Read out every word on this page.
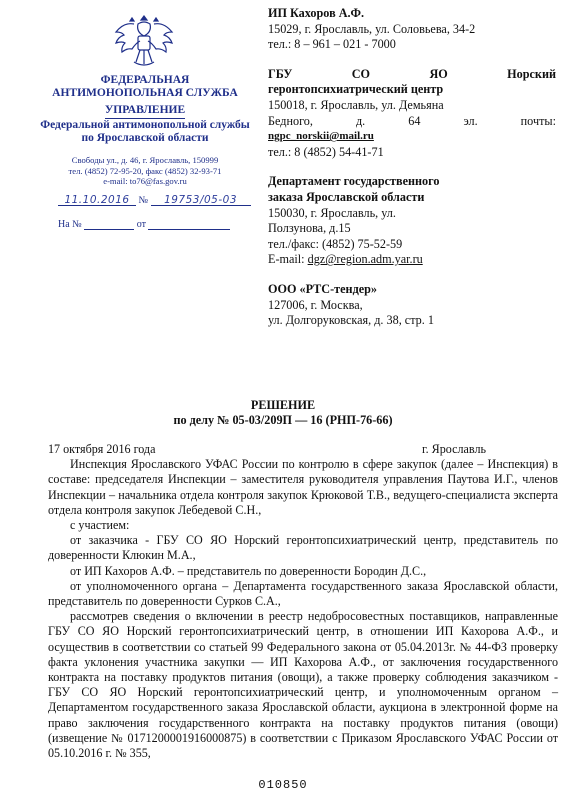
ФЕДЕРАЛЬНАЯ
АНТИМОНОПОЛЬНАЯ СЛУЖБА
УПРАВЛЕНИЕ
Федеральной антимонопольной службы
по Ярославской области
Свободы ул., д. 46, г. Ярославль, 150999
тел. (4852) 72-95-20, факс (4852) 32-93-71
e-mail: to76@fas.gov.ru
11.10.2016 № 19753/05-03
На №	от
ИП Кахоров А.Ф.
15029, г. Ярославль, ул. Соловьева, 34-2
тел.: 8 – 961 – 021 - 7000
ГБУ СО ЯО Норский
геронтопсихиатрический центр
150018, г. Ярославль, ул. Демьяна
Бедного, д. 64 эл. почты:
ngpc_norskii@mail.ru
тел.: 8 (4852) 54-41-71
Департамент государственного
заказа Ярославской области
150030, г. Ярославль, ул.
Ползунова, д.15
тел./факс: (4852) 75-52-59
E-mail: dgz@region.adm.yar.ru
ООО «РТС-тендер»
127006, г. Москва,
ул. Долгоруковская, д. 38, стр. 1
РЕШЕНИЕ
по делу № 05-03/209П — 16 (РНП-76-66)
17 октября 2016 года	г. Ярославль
Инспекция Ярославского УФАС России по контролю в сфере закупок (далее – Инспекция) в составе: председателя Инспекции – заместителя руководителя управления Паутова И.Г., членов Инспекции – начальника отдела контроля закупок Крюковой Т.В., ведущего-специалиста эксперта отдела контроля закупок Лебедевой С.Н.,
с участием:
от заказчика - ГБУ СО ЯО Норский геронтопсихиатрический центр, представитель по доверенности Клюкин М.А.,
от ИП Кахоров А.Ф. – представитель по доверенности Бородин Д.С.,
от уполномоченного органа – Департамента государственного заказа Ярославской области, представитель по доверенности Сурков С.А.,
рассмотрев сведения о включении в реестр недобросовестных поставщиков, направленные ГБУ СО ЯО Норский геронтопсихиатрический центр, в отношении ИП Кахорова А.Ф., и осуществив в соответствии со статьей 99 Федерального закона от 05.04.2013г. № 44-ФЗ проверку факта уклонения участника закупки — ИП Кахорова А.Ф., от заключения государственного контракта на поставку продуктов питания (овощи), а также проверку соблюдения заказчиком - ГБУ СО ЯО Норский геронтопсихиатрический центр, и уполномоченным органом – Департаментом государственного заказа Ярославской области, аукциона в электронной форме на право заключения государственного контракта на поставку продуктов питания (овощи) (извещение № 0171200001916000875) в соответствии с Приказом Ярославского УФАС России от 05.10.2016 г. № 355,
010850
